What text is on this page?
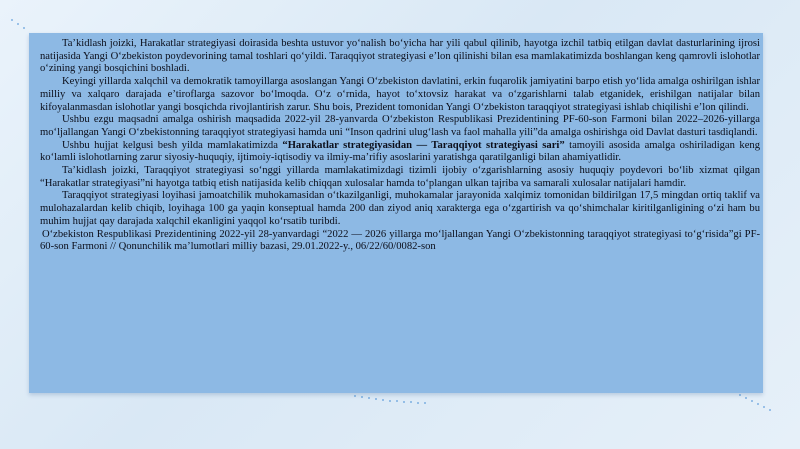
Ta’kidlash joizki, Harakatlar strategiyasi doirasida beshta ustuvor yo‘nalish bo‘yicha har yili qabul qilinib, hayotga izchil tatbiq etilgan davlat dasturlarining ijrosi natijasida Yangi O‘zbekiston poydevorining tamal toshlari qo‘yildi. Taraqqiyot strategiyasi e’lon qilinishi bilan esa mamlakatimizda boshlangan keng qamrovli islohotlar o‘zining yangi bosqichini boshladi.

Keyingi yillarda xalqchil va demokratik tamoyillarga asoslangan Yangi O‘zbekiston davlatini, erkin fuqarolik jamiyatini barpo etish yo‘lida amalga oshirilgan ishlar milliy va xalqaro darajada e’tiroflarga sazovor bo‘lmoqda. O‘z o‘rnida, hayot to‘xtovsiz harakat va o‘zgarishlarni talab etganidek, erishilgan natijalar bilan kifoyalanmasdan islohotlar yangi bosqichda rivojlantirish zarur. Shu bois, Prezident tomonidan Yangi O‘zbekiston taraqqiyot strategiyasi ishlab chiqilishi e’lon qilindi.

Ushbu ezgu maqsadni amalga oshirish maqsadida 2022-yil 28-yanvarda O‘zbekiston Respublikasi Prezidentining PF-60-son Farmoni bilan 2022–2026-yillarga mo‘ljallangan Yangi O‘zbekistonning taraqqiyot strategiyasi hamda uni “Inson qadrini ulug‘lash va faol mahalla yili”da amalga oshirishga oid Davlat dasturi tasdiqlandi.

Ushbu hujjat kelgusi besh yilda mamlakatimizda “Harakatlar strategiyasidan — Taraqqiyot strategiyasi sari” tamoyili asosida amalga oshiriladigan keng ko‘lamli islohotlarning zarur siyosiy-huquqiy, ijtimoiy-iqtisodiy va ilmiy-ma’rifiy asoslarini yaratishga qaratilganligi bilan ahamiyatlidir.

Ta’kidlash joizki, Taraqqiyot strategiyasi so‘nggi yillarda mamlakatimizdagi tizimli ijobiy o‘zgarishlarning asosiy huquqiy poydevori bo‘lib xizmat qilgan “Harakatlar strategiyasi”ni hayotga tatbiq etish natijasida kelib chiqqan xulosalar hamda to‘plangan ulkan tajriba va samarali xulosalar natijalari hamdir.

Taraqqiyot strategiyasi loyihasi jamoatchilik muhokamasidan o‘tkazilganligi, muhokamalar jarayonida xalqimiz tomonidan bildirilgan 17,5 mingdan ortiq taklif va mulohazalardan kelib chiqib, loyihaga 100 ga yaqin konseptual hamda 200 dan ziyod aniq xarakterga ega o‘zgartirish va qo‘shimchalar kiritilganligining o‘zi ham bu muhim hujjat qay darajada xalqchil ekanligini yaqqol ko‘rsatib turibdi.

O‘zbekiston Respublikasi Prezidentining 2022-yil 28-yanvardagi “2022 — 2026 yillarga mo‘ljallangan Yangi O‘zbekistonning taraqqiyot strategiyasi to‘g‘risida”gi PF-60-son Farmoni // Qonunchilik ma’lumotlari milliy bazasi, 29.01.2022-y., 06/22/60/0082-son
